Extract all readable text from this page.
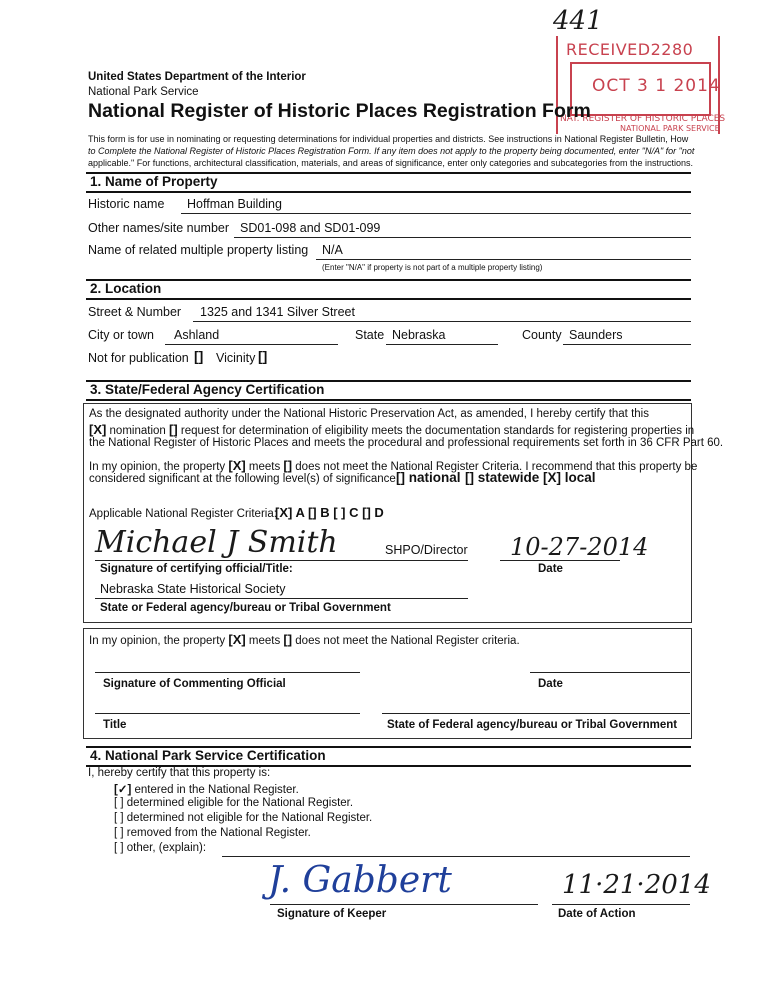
441
RECEIVED2280
OCT 3 1 2014
NAT. REGISTER OF HISTORIC PLACES
NATIONAL PARK SERVICE
United States Department of the Interior
National Park Service
National Register of Historic Places Registration Form
This form is for use in nominating or requesting determinations for individual properties and districts. See instructions in National Register Bulletin, How
to Complete the National Register of Historic Places Registration Form. If any item does not apply to the property being documented, enter "N/A" for "not
applicable." For functions, architectural classification, materials, and areas of significance, enter only categories and subcategories from the instructions.
1. Name of Property
Historic name Hoffman Building
Other names/site number SD01-098 and SD01-099
Name of related multiple property listing N/A
(Enter "N/A" if property is not part of a multiple property listing)
2. Location
Street & Number 1325 and 1341 Silver Street
City or town Ashland	State Nebraska	County Saunders
Not for publication [] Vicinity []
3. State/Federal Agency Certification
As the designated authority under the National Historic Preservation Act, as amended, I hereby certify that this
[X] nomination [] request for determination of eligibility meets the documentation standards for registering properties in
the National Register of Historic Places and meets the procedural and professional requirements set forth in 36 CFR Part 60.
In my opinion, the property [X] meets [] does not meet the National Register Criteria. I recommend that this property be
considered significant at the following level(s) of significance:
[] national [] statewide [X] local
Applicable National Register Criteria:
[X] A [] B [ ] C [] D
Michael J Smith	SHPO/Director 10-27-2014
Signature of certifying official/Title:	Date
Nebraska State Historical Society
State or Federal agency/bureau or Tribal Government
In my opinion, the property [X] meets [] does not meet the National Register criteria.
Signature of Commenting Official	Date
Title	State of Federal agency/bureau or Tribal Government
4. National Park Service Certification
I, hereby certify that this property is:
[✓] entered in the National Register.
[ ] determined eligible for the National Register.
[ ] determined not eligible for the National Register.
[ ] removed from the National Register.
[ ] other, (explain):
J. Gabbert	11·21·2014
Signature of Keeper	Date of Action
